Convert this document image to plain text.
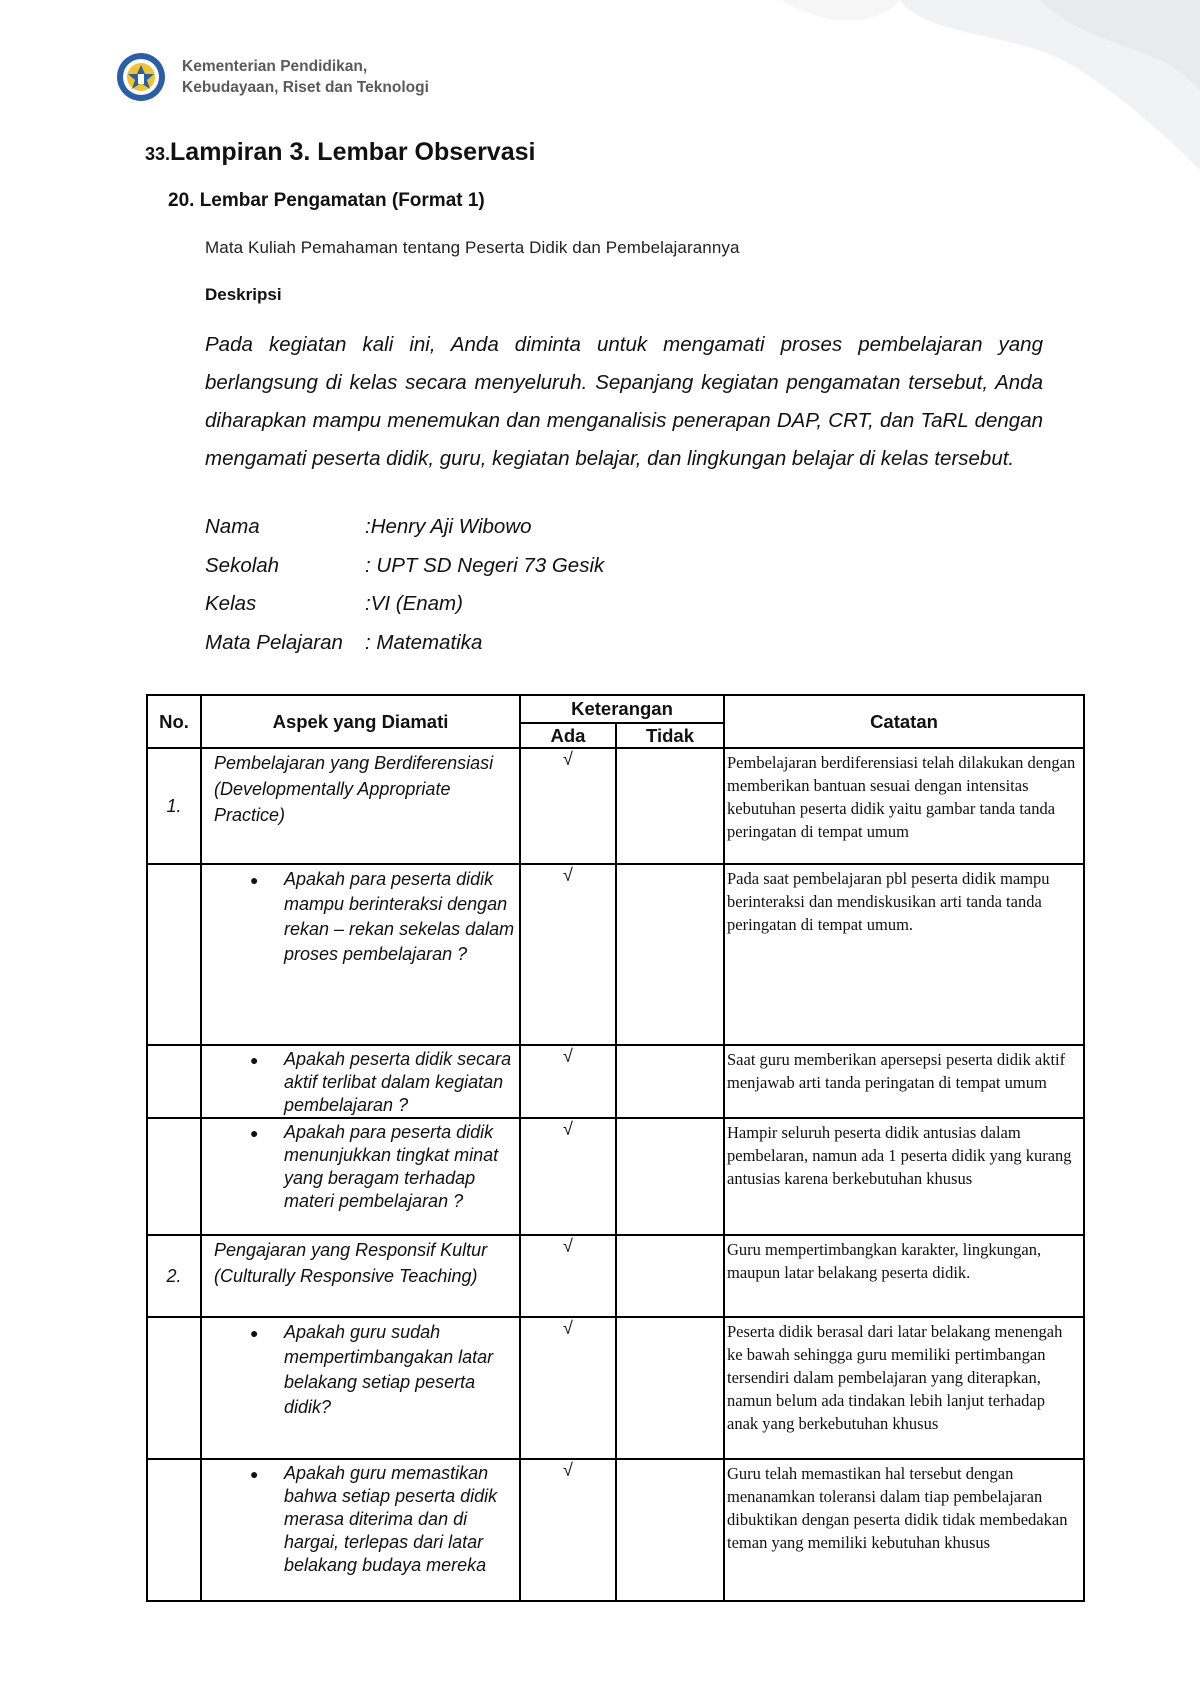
Kementerian Pendidikan,
Kebudayaan, Riset dan Teknologi
33.Lampiran 3. Lembar Observasi
20. Lembar Pengamatan (Format 1)
Mata Kuliah Pemahaman tentang Peserta Didik dan Pembelajarannya
Deskripsi
Pada kegiatan kali ini, Anda diminta untuk mengamati proses pembelajaran yang berlangsung di kelas secara menyeluruh. Sepanjang kegiatan pengamatan tersebut, Anda diharapkan mampu menemukan dan menganalisis penerapan DAP, CRT, dan TaRL dengan mengamati peserta didik, guru, kegiatan belajar, dan lingkungan belajar di kelas tersebut.
Nama	:Henry Aji Wibowo
Sekolah	: UPT SD Negeri 73 Gesik
Kelas	:VI (Enam)
Mata Pelajaran	: Matematika
No.	Aspek yang Diamati	Keterangan		Catatan
		Ada	Tidak	
1.	Pembelajaran yang Berdiferensiasi (Developmentally Appropriate Practice)	√		Pembelajaran berdiferensiasi telah dilakukan dengan memberikan bantuan sesuai dengan intensitas kebutuhan peserta didik yaitu gambar tanda tanda peringatan di tempat umum

	● Apakah para peserta didik mampu berinteraksi dengan rekan – rekan sekelas dalam proses pembelajaran ?	√		Pada saat pembelajaran pbl peserta didik mampu berinteraksi dan mendiskusikan arti tanda tanda peringatan di tempat umum.

	● Apakah peserta didik secara aktif terlibat dalam kegiatan pembelajaran ?	√		Saat guru memberikan apersepsi peserta didik aktif menjawab arti tanda peringatan di tempat umum

	● Apakah para peserta didik menunjukkan tingkat minat yang beragam terhadap materi pembelajaran ?	√		Hampir seluruh peserta didik antusias dalam pembelaran, namun ada 1 peserta didik yang kurang antusias karena berkebutuhan khusus
2.	Pengajaran yang Responsif Kultur (Culturally Responsive Teaching)	√		Guru mempertimbangkan karakter, lingkungan, maupun latar belakang peserta didik.

	● Apakah guru sudah mempertimbangakan latar belakang setiap peserta didik?	√		Peserta didik berasal dari latar belakang menengah ke bawah sehingga guru memiliki pertimbangan tersendiri dalam pembelajaran yang diterapkan, namun belum ada tindakan lebih lanjut terhadap anak yang berkebutuhan khusus

	● Apakah guru memastikan bahwa setiap peserta didik merasa diterima dan di hargai, terlepas dari latar belakang budaya mereka	√		Guru telah memastikan hal tersebut dengan menanamkan toleransi dalam tiap pembelajaran dibuktikan dengan peserta didik tidak membedakan teman yang memiliki kebutuhan khusus
